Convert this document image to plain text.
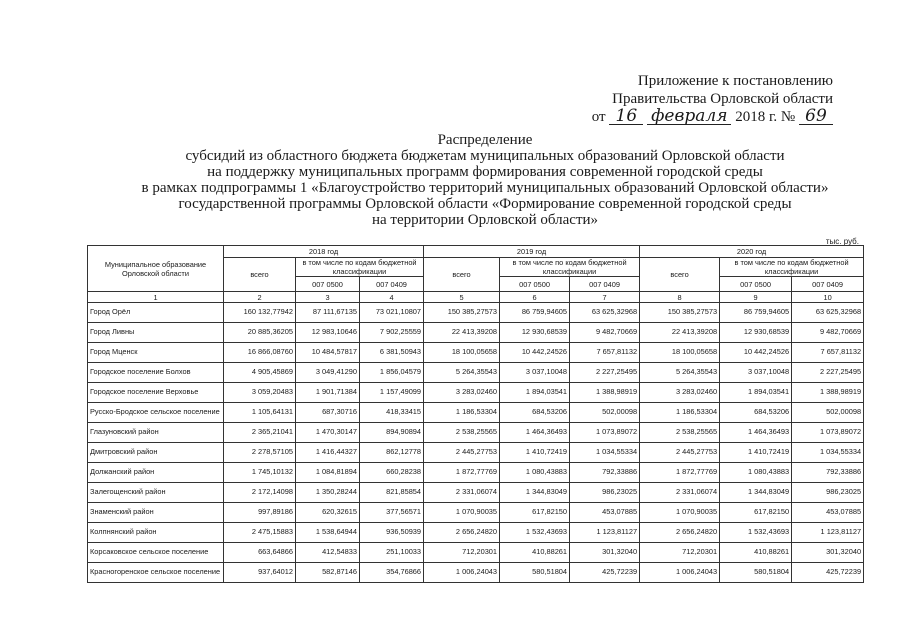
Приложение к постановлению
Правительства Орловской области
от 16 февраля 2018 г. № 69
Распределение
субсидий из областного бюджета бюджетам муниципальных образований Орловской области
на поддержку муниципальных программ формирования современной городской среды
в рамках подпрограммы 1 «Благоустройство территорий муниципальных образований Орловской области»
государственной программы Орловской области «Формирование современной городской среды
на территории Орловской области»
тыс. руб.
Муниципальное образование Орловской области	2018 год			2019 год			2020 год		
	всего	в том числе по кодам бюджетной классификации		всего	в том числе по кодам бюджетной классификации		всего	в том числе по кодам бюджетной классификации	
		007 0500	007 0409		007 0500	007 0409		007 0500	007 0409
1	2	3	4	5	6	7	8	9	10
Город Орёл	160 132,77942	87 111,67135	73 021,10807	150 385,27573	86 759,94605	63 625,32968	150 385,27573	86 759,94605	63 625,32968
Город Ливны	20 885,36205	12 983,10646	7 902,25559	22 413,39208	12 930,68539	9 482,70669	22 413,39208	12 930,68539	9 482,70669
Город Мценск	16 866,08760	10 484,57817	6 381,50943	18 100,05658	10 442,24526	7 657,81132	18 100,05658	10 442,24526	7 657,81132
Городское поселение Болхов	4 905,45869	3 049,41290	1 856,04579	5 264,35543	3 037,10048	2 227,25495	5 264,35543	3 037,10048	2 227,25495
Городское поселение Верховье	3 059,20483	1 901,71384	1 157,49099	3 283,02460	1 894,03541	1 388,98919	3 283,02460	1 894,03541	1 388,98919
Русско-Бродское сельское поселение	1 105,64131	687,30716	418,33415	1 186,53304	684,53206	502,00098	1 186,53304	684,53206	502,00098
Глазуновский район	2 365,21041	1 470,30147	894,90894	2 538,25565	1 464,36493	1 073,89072	2 538,25565	1 464,36493	1 073,89072
Дмитровский район	2 278,57105	1 416,44327	862,12778	2 445,27753	1 410,72419	1 034,55334	2 445,27753	1 410,72419	1 034,55334
Должанский район	1 745,10132	1 084,81894	660,28238	1 872,77769	1 080,43883	792,33886	1 872,77769	1 080,43883	792,33886
Залегощенский район	2 172,14098	1 350,28244	821,85854	2 331,06074	1 344,83049	986,23025	2 331,06074	1 344,83049	986,23025
Знаменский район	997,89186	620,32615	377,56571	1 070,90035	617,82150	453,07885	1 070,90035	617,82150	453,07885
Колпнянский район	2 475,15883	1 538,64944	936,50939	2 656,24820	1 532,43693	1 123,81127	2 656,24820	1 532,43693	1 123,81127
Корсаковское сельское поселение	663,64866	412,54833	251,10033	712,20301	410,88261	301,32040	712,20301	410,88261	301,32040
Красногоренское сельское поселение	937,64012	582,87146	354,76866	1 006,24043	580,51804	425,72239	1 006,24043	580,51804	425,72239
